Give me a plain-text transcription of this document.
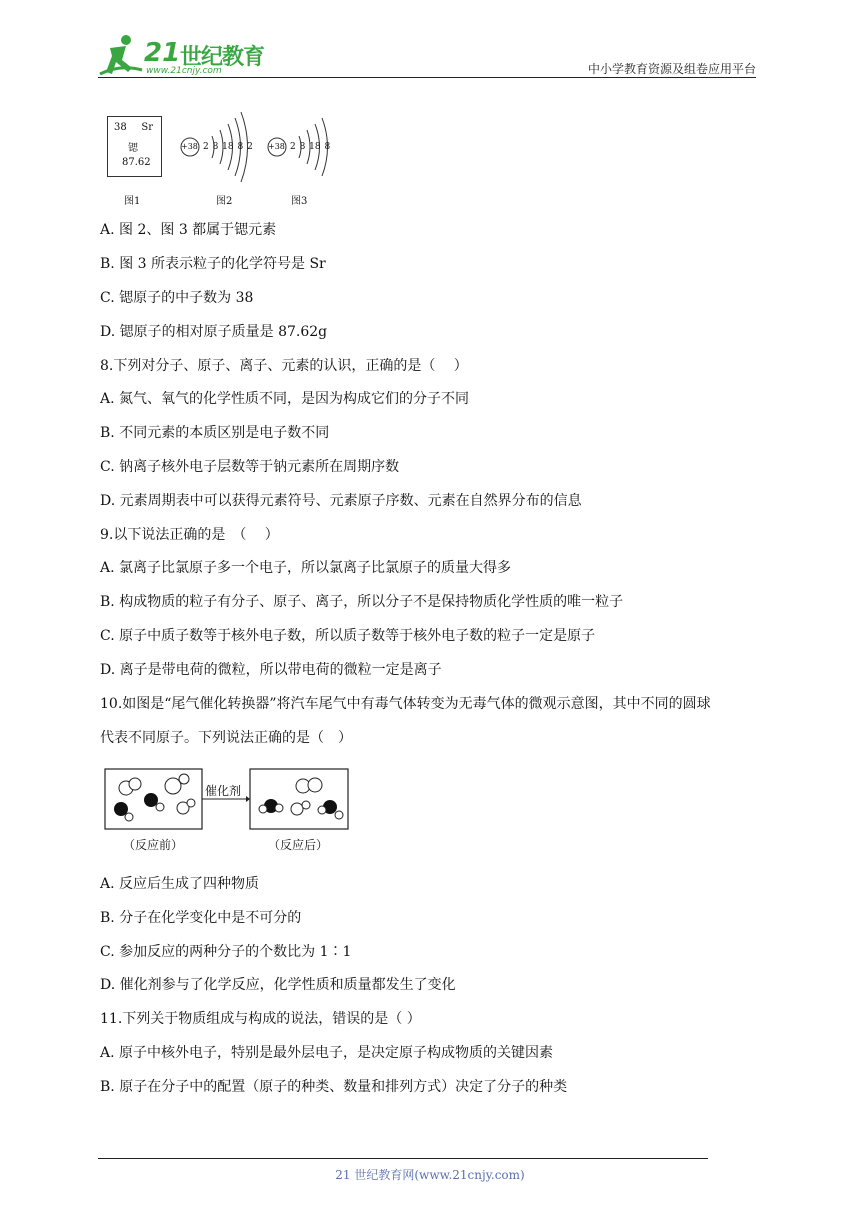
21 世纪教育
www.21cnjy.com	中小学教育资源及组卷应用平台
38 Sr
锶
87.62
+38 2 8 18 8 2 +38 2 8 18 8
图1	图2	图3
A. 图 2、图 3 都属于锶元素
B. 图 3 所表示粒子的化学符号是 Sr
C. 锶原子的中子数为 38
D. 锶原子的相对原子质量是 87.62g
8.下列对分子、原子、离子、元素的认识，正确的是（　 ）
A. 氮气、氧气的化学性质不同，是因为构成它们的分子不同
B. 不同元素的本质区别是电子数不同
C. 钠离子核外电子层数等于钠元素所在周期序数
D. 元素周期表中可以获得元素符号、元素原子序数、元素在自然界分布的信息
9.以下说法正确的是　（　 ）
A. 氯离子比氯原子多一个电子，所以氯离子比氯原子的质量大得多
B. 构成物质的粒子有分子、原子、离子，所以分子不是保持物质化学性质的唯一粒子
C. 原子中质子数等于核外电子数，所以质子数等于核外电子数的粒子一定是原子
D. 离子是带电荷的微粒，所以带电荷的微粒一定是离子
10.如图是“尾气催化转换器”将汽车尾气中有毒气体转变为无毒气体的微观示意图，其中不同的圆球
代表不同原子。下列说法正确的是（　）
催化剂
（反应前）	（反应后）
A. 反应后生成了四种物质
B. 分子在化学变化中是不可分的
C. 参加反应的两种分子的个数比为 1∶1
D. 催化剂参与了化学反应，化学性质和质量都发生了变化
11.下列关于物质组成与构成的说法，错误的是（ ）
A. 原子中核外电子，特别是最外层电子，是决定原子构成物质的关键因素
B. 原子在分子中的配置（原子的种类、数量和排列方式）决定了分子的种类
21 世纪教育网(www.21cnjy.com)
